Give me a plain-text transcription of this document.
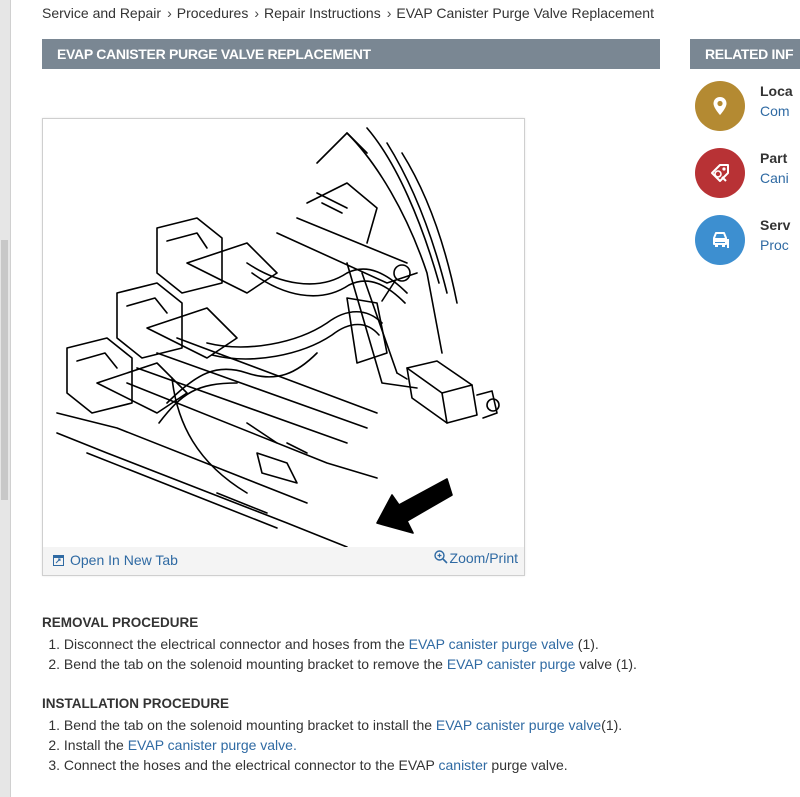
Service and Repair › Procedures › Repair Instructions › EVAP Canister Purge Valve Replacement
EVAP CANISTER PURGE VALVE REPLACEMENT	RELATED INF
Loca
Com
Part
Cani
Serv
Proc
Open In New Tab	Zoom/Print
REMOVAL PROCEDURE
1. Disconnect the electrical connector and hoses from the EVAP canister purge valve (1).
2. Bend the tab on the solenoid mounting bracket to remove the EVAP canister purge valve (1).
INSTALLATION PROCEDURE
1. Bend the tab on the solenoid mounting bracket to install the EVAP canister purge valve(1).
2. Install the EVAP canister purge valve.
3. Connect the hoses and the electrical connector to the EVAP canister purge valve.
